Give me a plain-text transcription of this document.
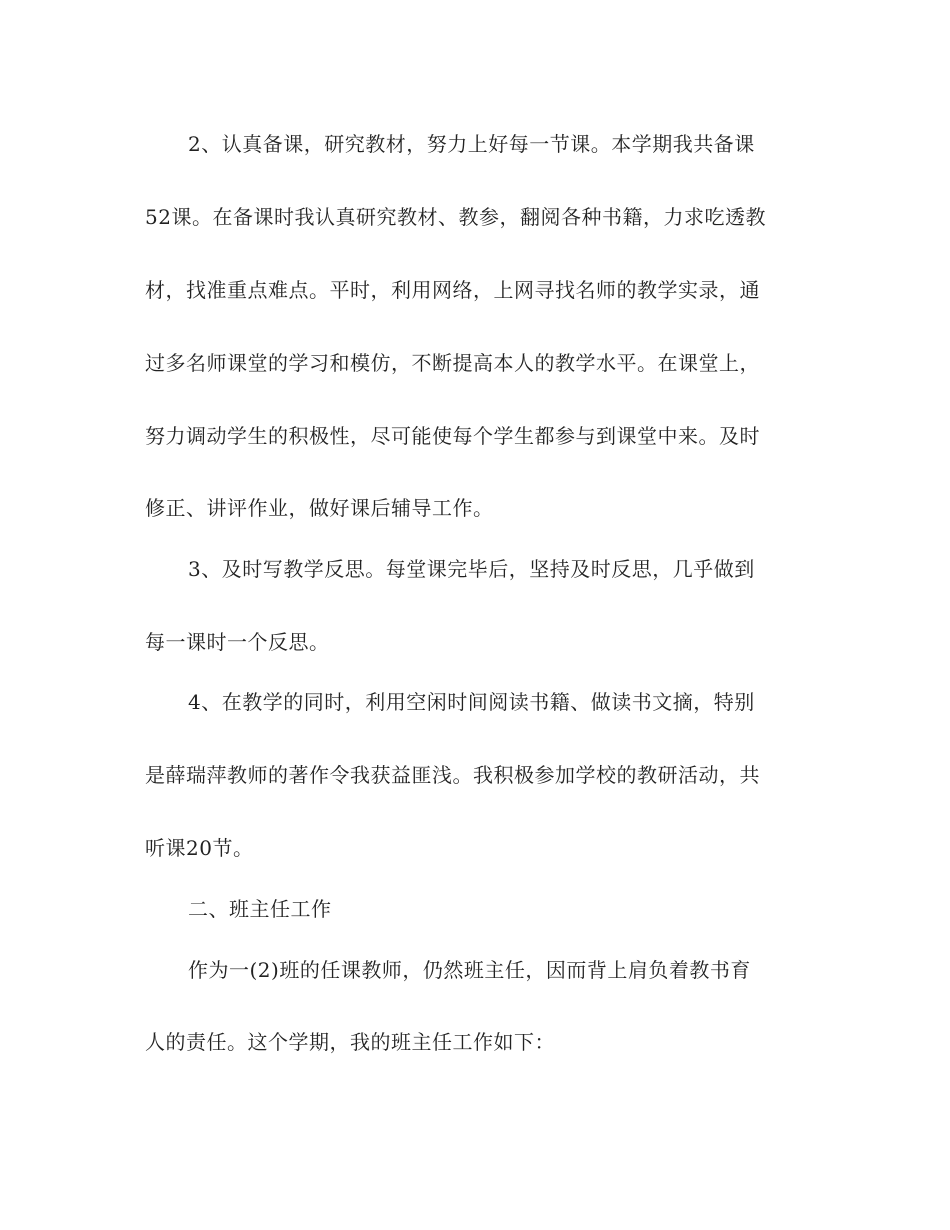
2、认真备课，研究教材，努力上好每一节课。本学期我共备课
52课。在备课时我认真研究教材、教参，翻阅各种书籍，力求吃透教
材，找准重点难点。平时，利用网络，上网寻找名师的教学实录，通
过多名师课堂的学习和模仿，不断提高本人的教学水平。在课堂上，
努力调动学生的积极性，尽可能使每个学生都参与到课堂中来。及时
修正、讲评作业，做好课后辅导工作。
3、及时写教学反思。每堂课完毕后，坚持及时反思，几乎做到
每一课时一个反思。
4、在教学的同时，利用空闲时间阅读书籍、做读书文摘，特别
是薛瑞萍教师的著作令我获益匪浅。我积极参加学校的教研活动，共
听课20节。
二、班主任工作
作为一(2)班的任课教师，仍然班主任，因而背上肩负着教书育
人的责任。这个学期，我的班主任工作如下：
